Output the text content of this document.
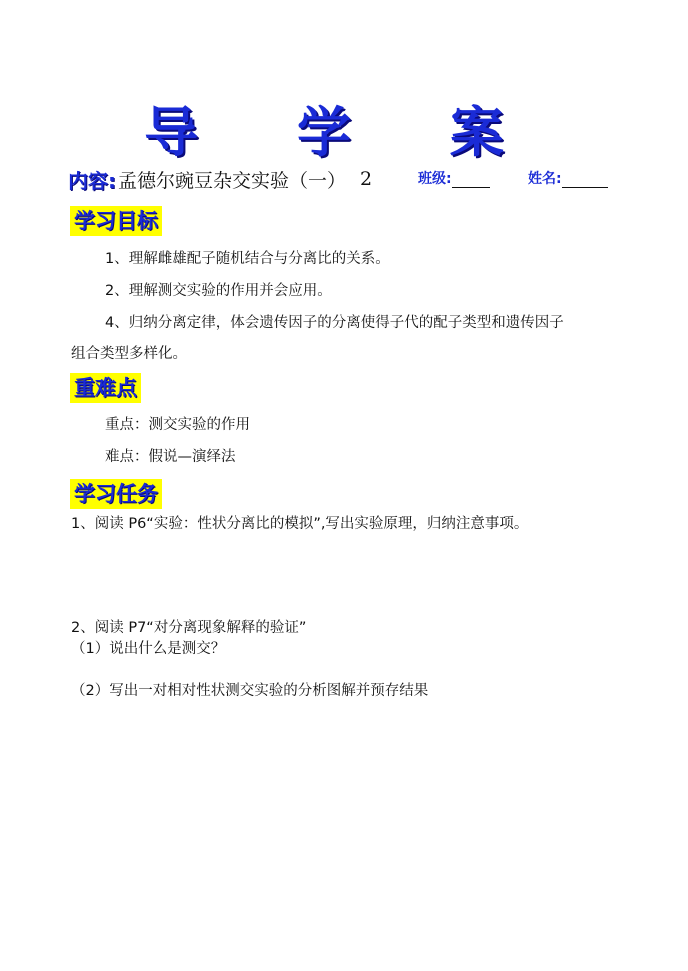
导 学 案
内容: 孟德尔豌豆杂交实验（一） 2	班级:	姓名:
学习目标
1、理解雌雄配子随机结合与分离比的关系。
2、理解测交实验的作用并会应用。
4、归纳分离定律，体会遗传因子的分离使得子代的配子类型和遗传因子
组合类型多样化。
重难点
重点：测交实验的作用
难点：假说—演绎法
学习任务
1、阅读 P6“实验：性状分离比的模拟”,写出实验原理，归纳注意事项。
2、阅读 P7“对分离现象解释的验证”
（1）说出什么是测交？
（2）写出一对相对性状测交实验的分析图解并预存结果
